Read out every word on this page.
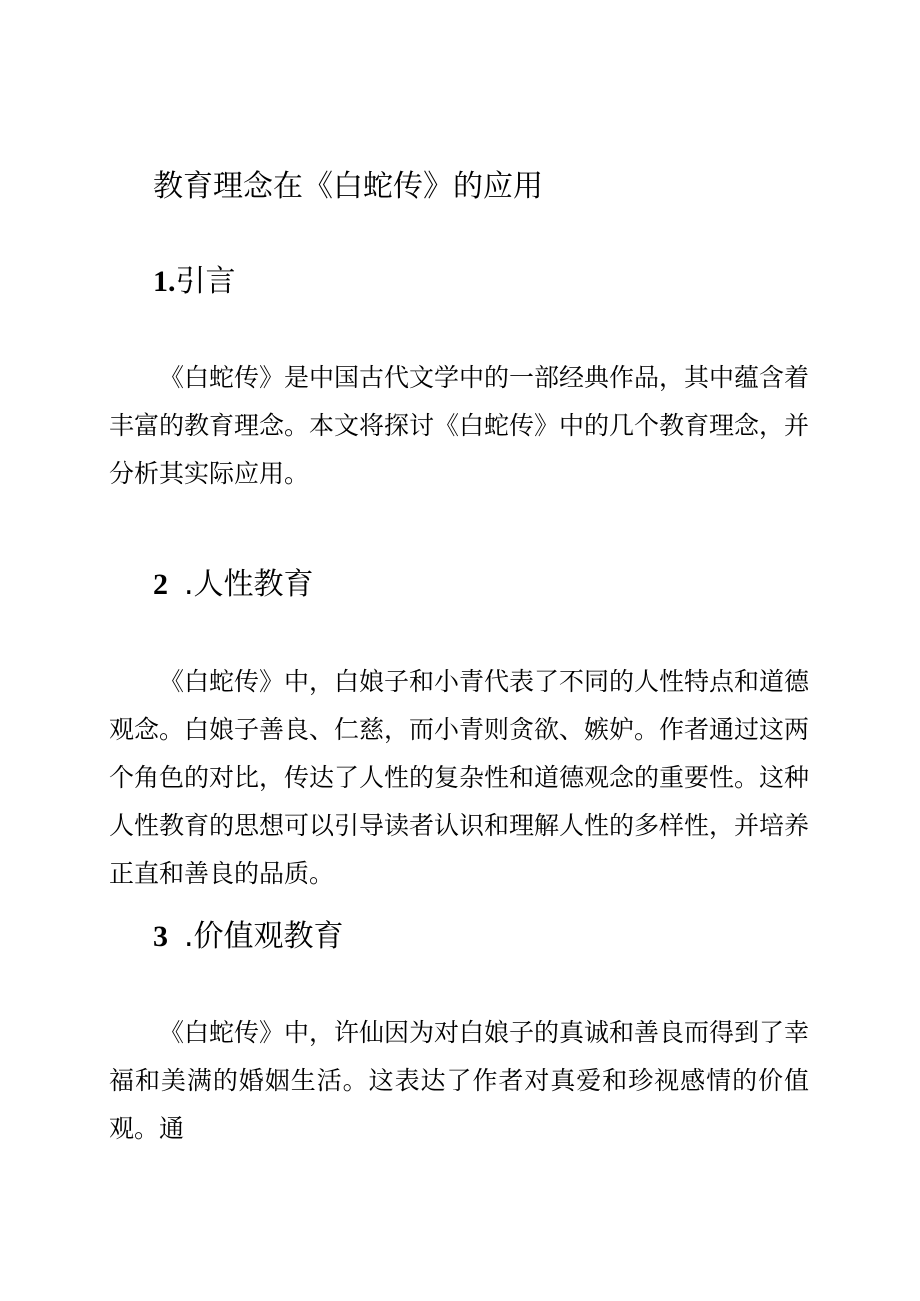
教育理念在《白蛇传》的应用
1.引言

《白蛇传》是中国古代文学中的一部经典作品，其中蕴含着丰富的教育理念。本文将探讨《白蛇传》中的几个教育理念，并分析其实际应用。

2 .人性教育

《白蛇传》中，白娘子和小青代表了不同的人性特点和道德观念。白娘子善良、仁慈，而小青则贪欲、嫉妒。作者通过这两个角色的对比，传达了人性的复杂性和道德观念的重要性。这种人性教育的思想可以引导读者认识和理解人性的多样性，并培养正直和善良的品质。

3 .价值观教育

《白蛇传》中，许仙因为对白娘子的真诚和善良而得到了幸福和美满的婚姻生活。这表达了作者对真爱和珍视感情的价值观。通
